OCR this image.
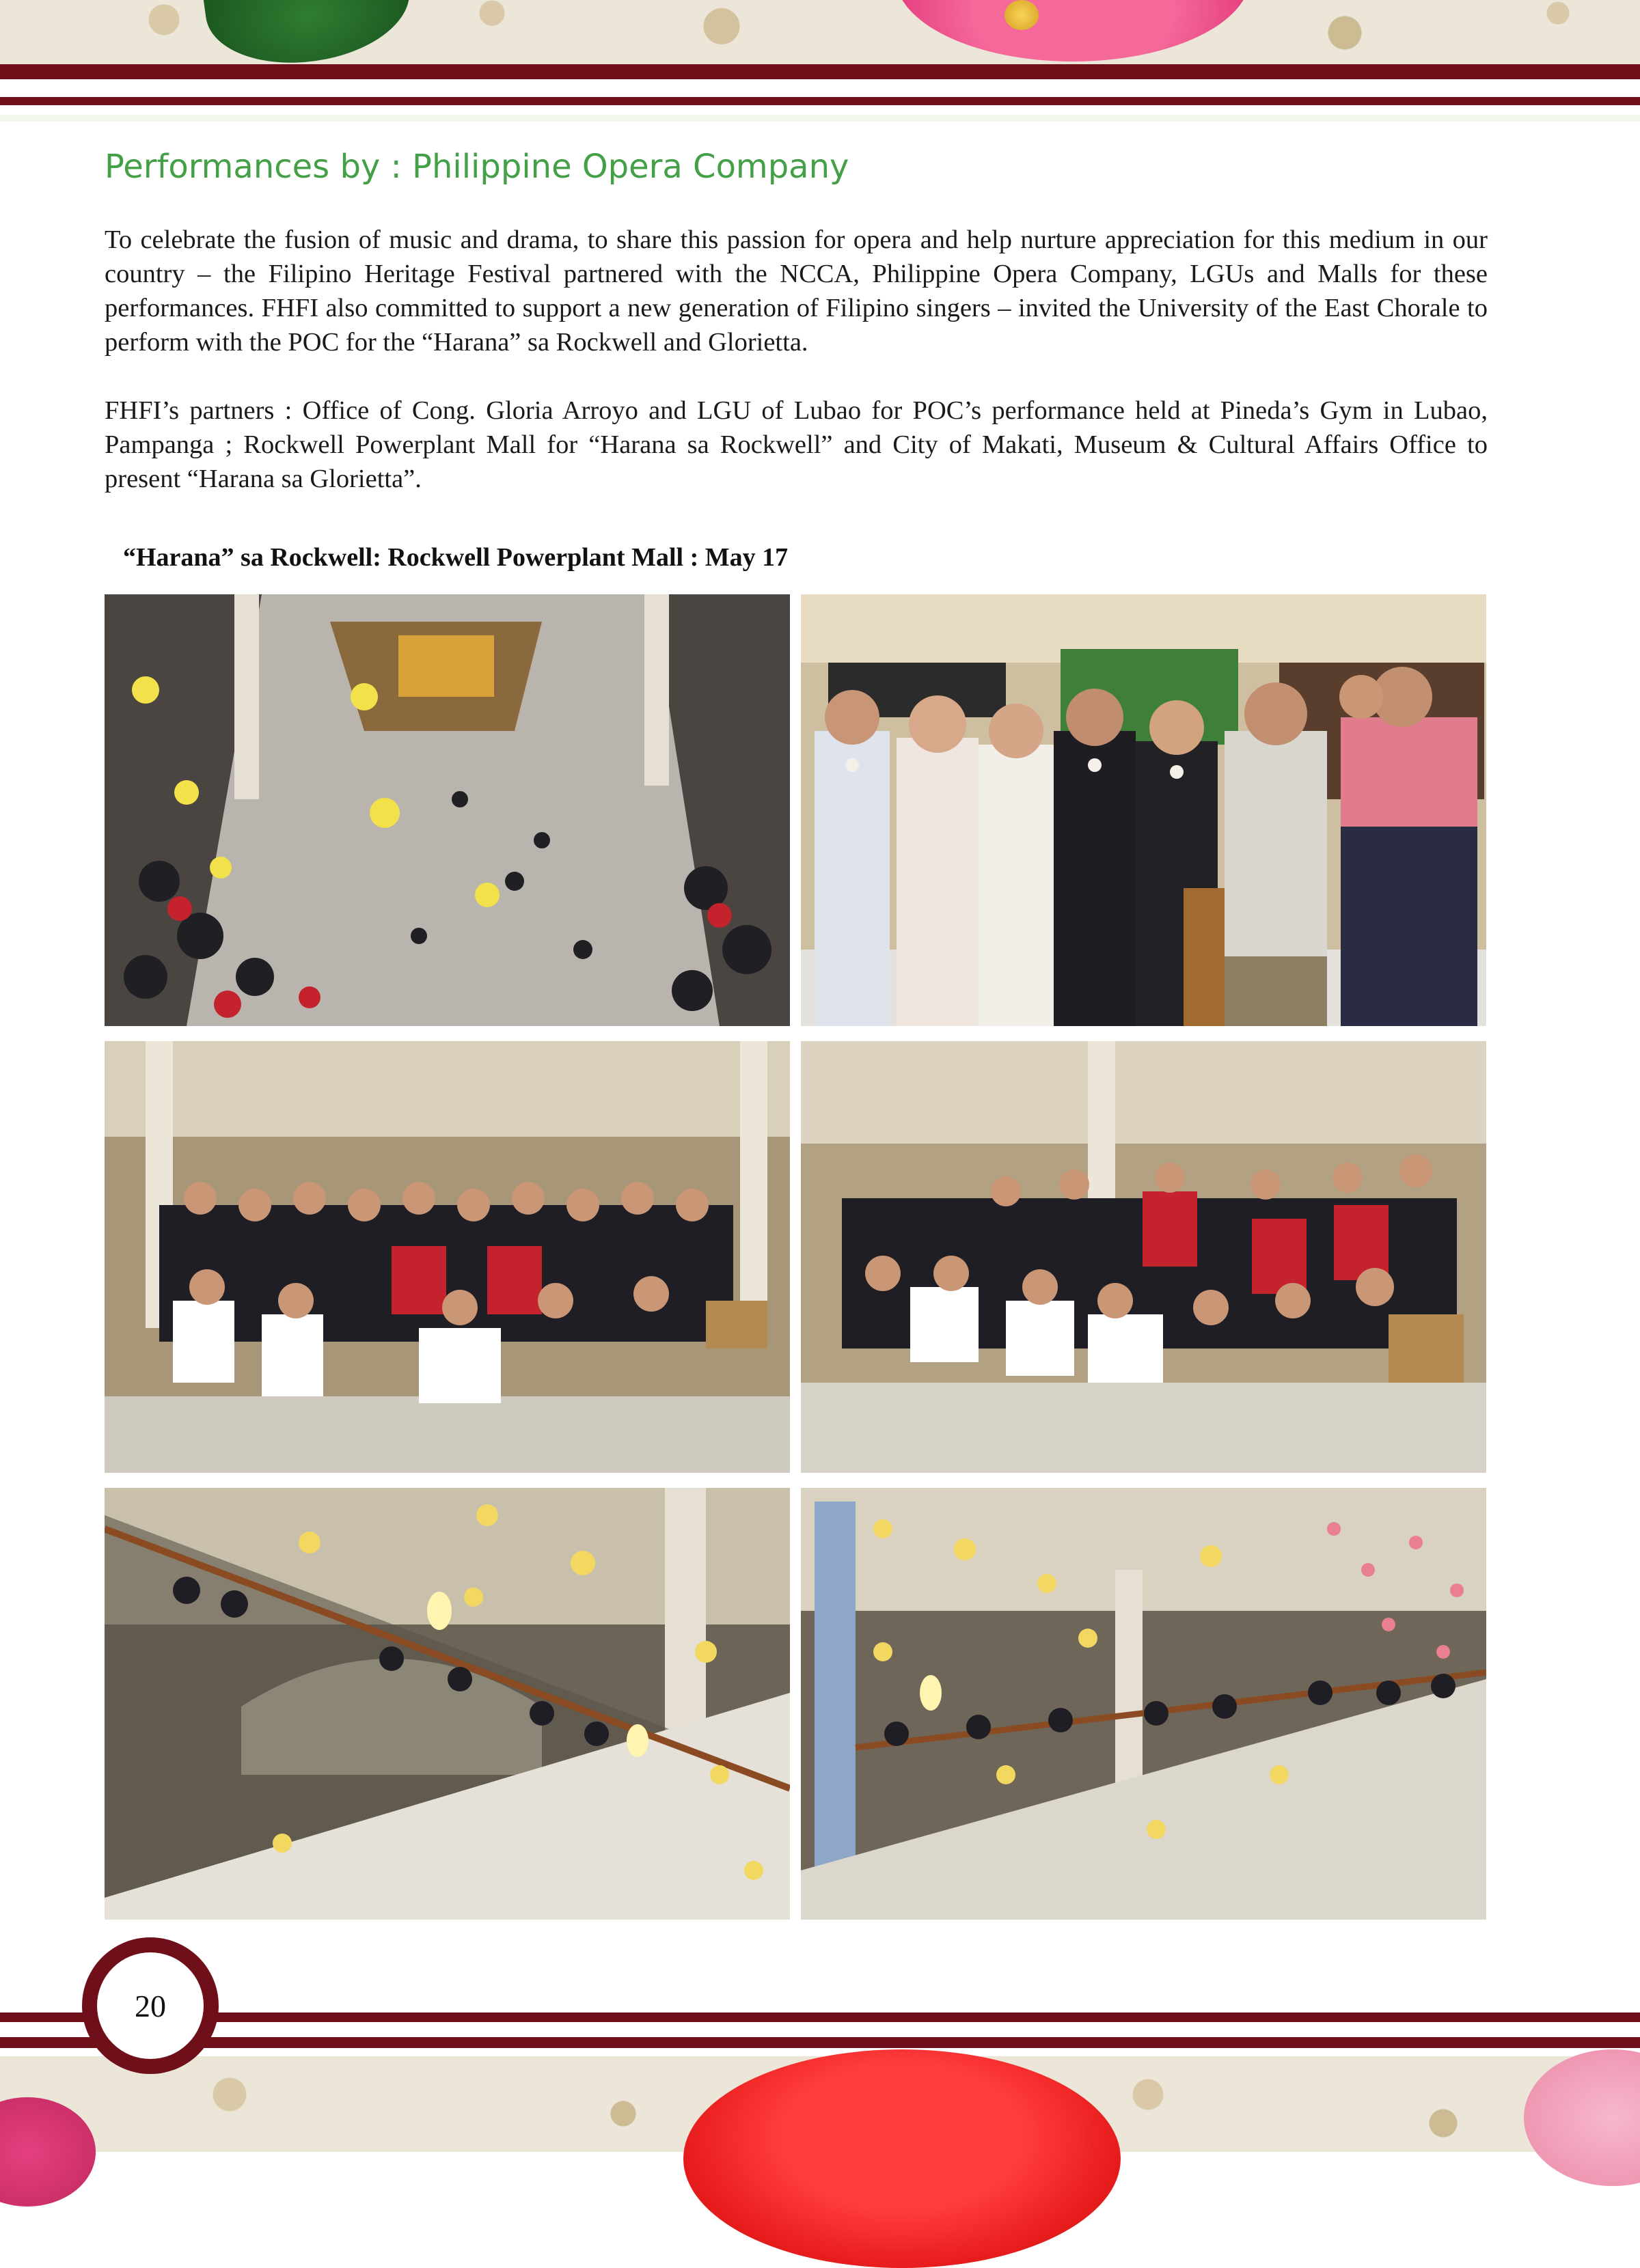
Performances by : Philippine Opera Company

To celebrate the fusion of music and drama, to share this passion for opera and help nurture appreciation for this medium in our country – the Filipino Heritage Festival partnered with the NCCA, Philippine Opera Company, LGUs and Malls for these performances. FHFI also committed to support a new generation of Filipino singers – invited the University of the East Chorale to perform with the POC for the “Harana” sa Rockwell and Glorietta.

FHFI’s partners : Office of Cong. Gloria Arroyo and LGU of Lubao for POC’s performance held at Pineda’s Gym in Lubao, Pampanga ; Rockwell Powerplant Mall for “Harana sa Rockwell” and City of Makati, Museum & Cultural Affairs Office to present “Harana sa Glorietta”.

“Harana” sa Rockwell: Rockwell Powerplant Mall : May 17

20
